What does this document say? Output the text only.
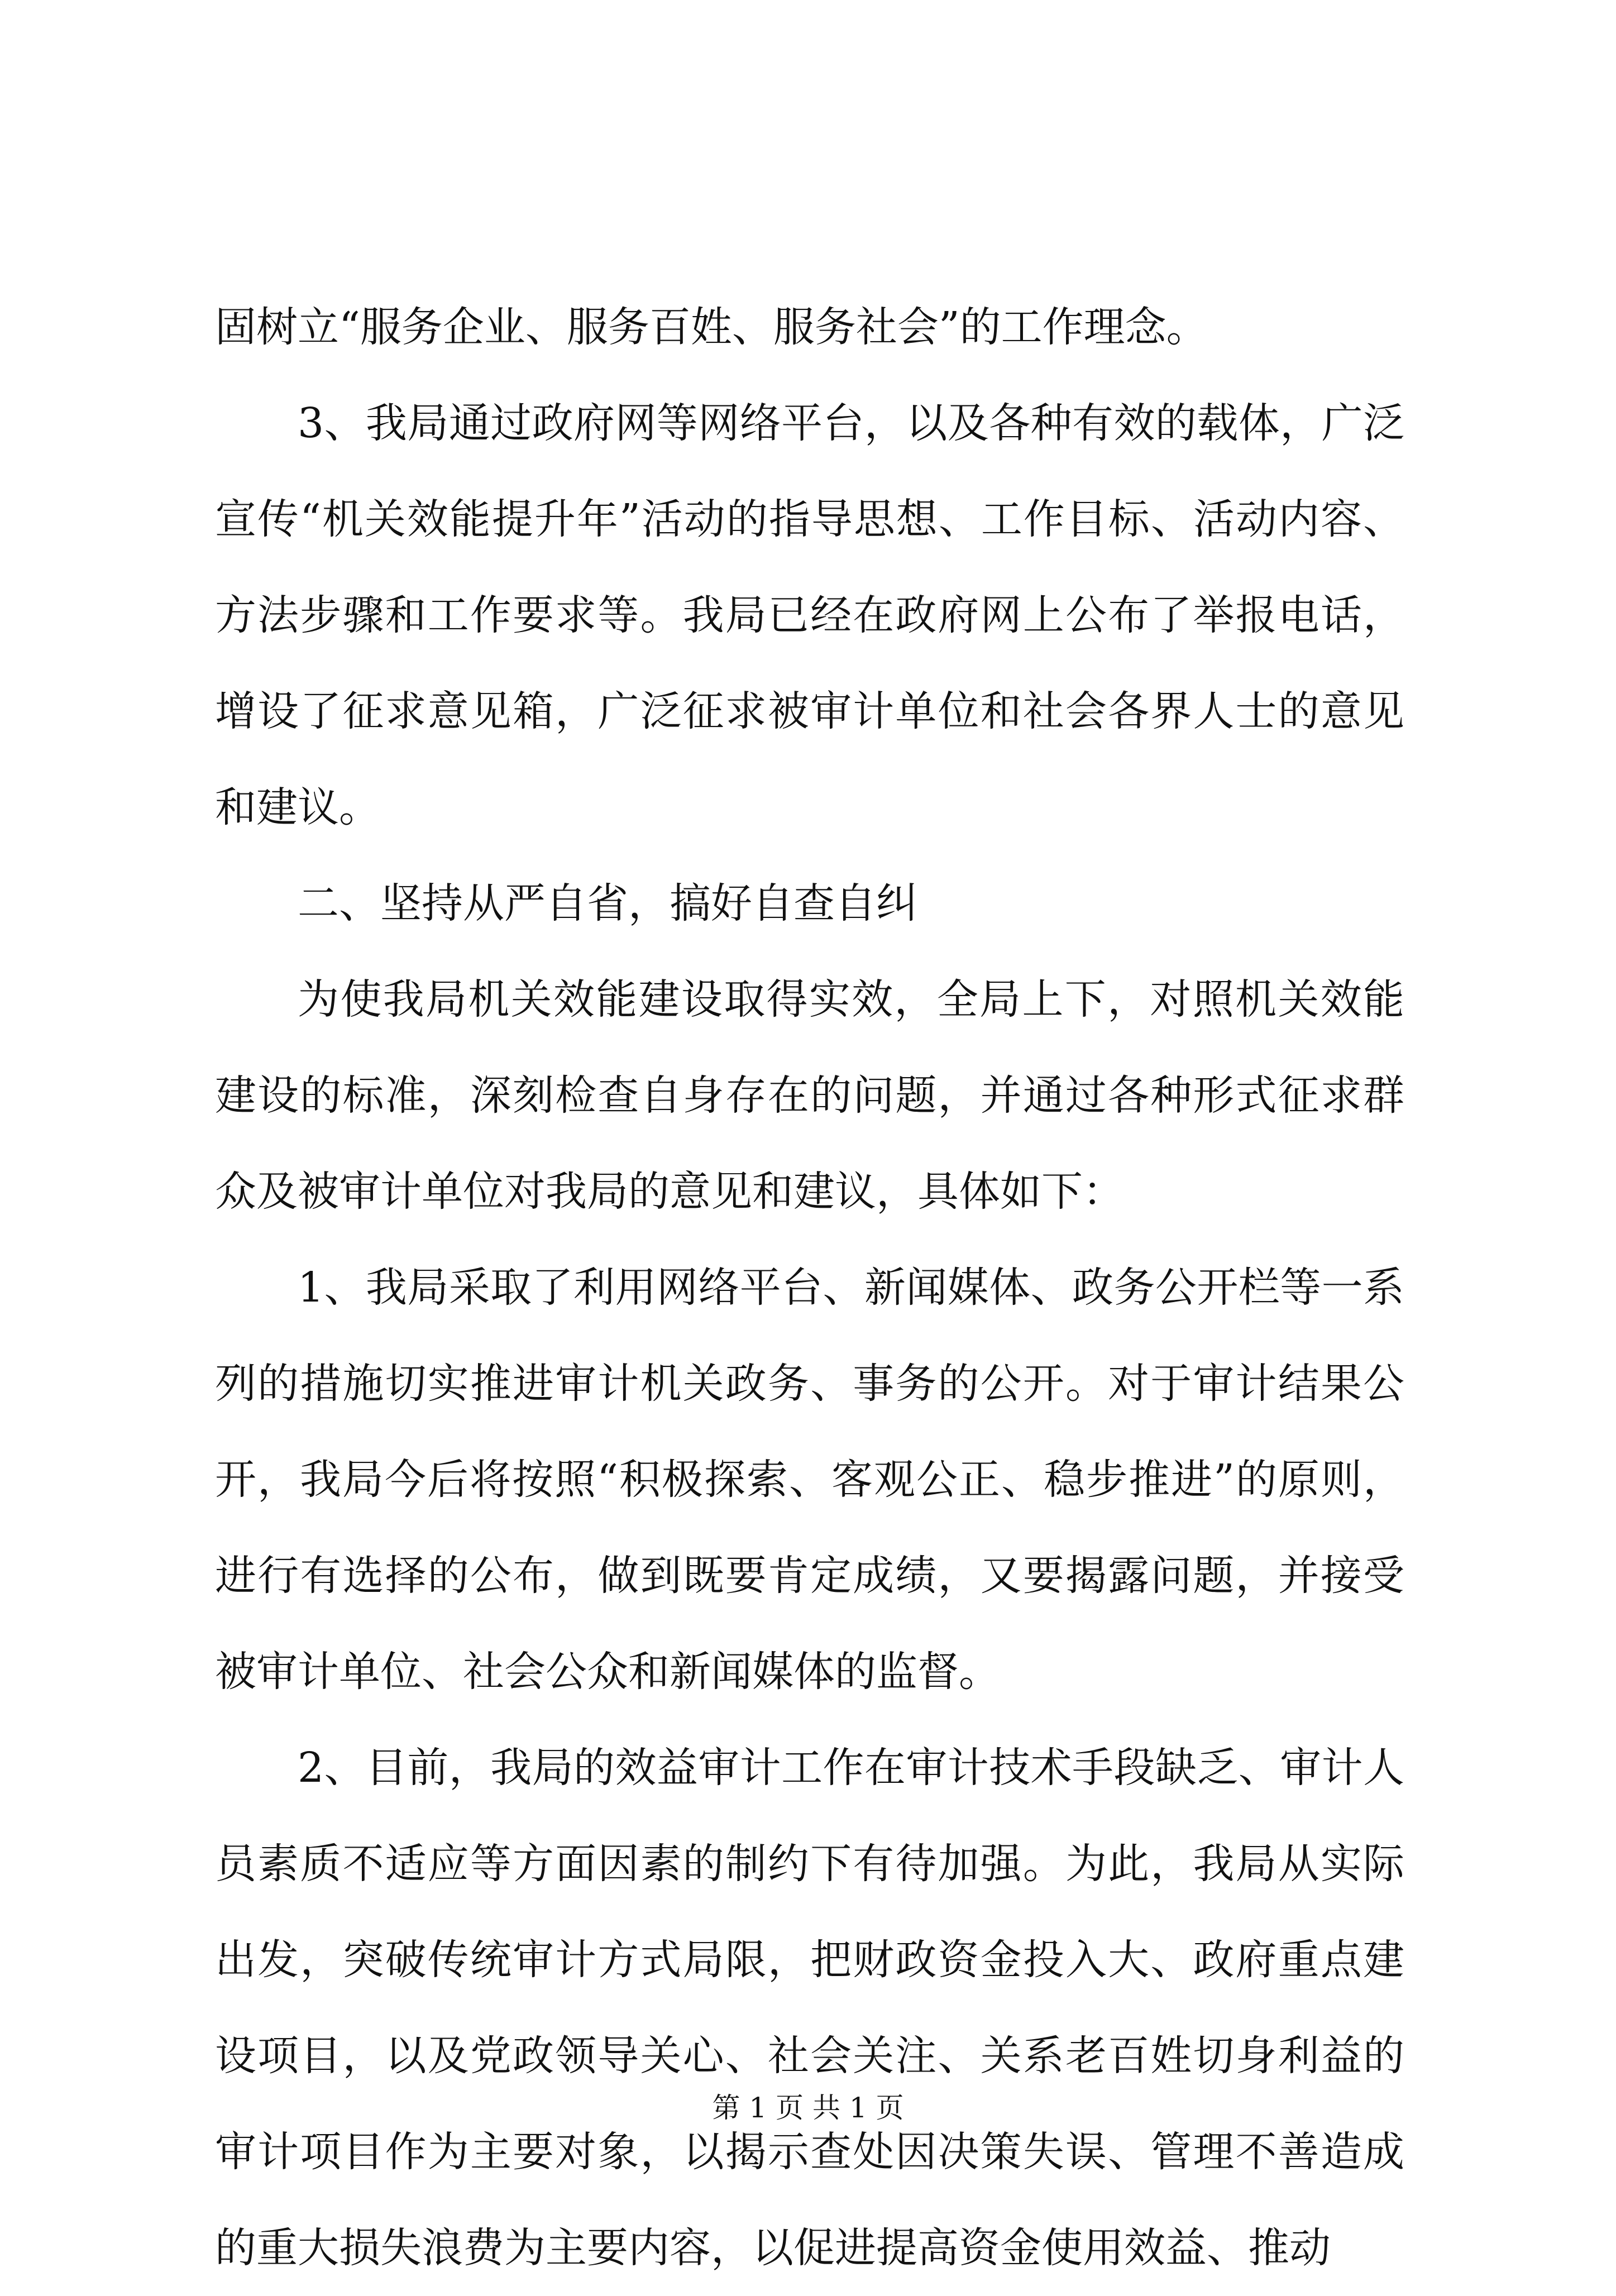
固树立“服务企业、服务百姓、服务社会”的工作理念。

3、我局通过政府网等网络平台，以及各种有效的载体，广泛宣传“机关效能提升年”活动的指导思想、工作目标、活动内容、方法步骤和工作要求等。我局已经在政府网上公布了举报电话，增设了征求意见箱，广泛征求被审计单位和社会各界人士的意见和建议。

二、坚持从严自省，搞好自查自纠

为使我局机关效能建设取得实效，全局上下，对照机关效能建设的标准，深刻检查自身存在的问题，并通过各种形式征求群众及被审计单位对我局的意见和建议，具体如下：

1、我局采取了利用网络平台、新闻媒体、政务公开栏等一系列的措施切实推进审计机关政务、事务的公开。对于审计结果公开，我局今后将按照“积极探索、客观公正、稳步推进”的原则，进行有选择的公布，做到既要肯定成绩，又要揭露问题，并接受被审计单位、社会公众和新闻媒体的监督。

2、目前，我局的效益审计工作在审计技术手段缺乏、审计人员素质不适应等方面因素的制约下有待加强。为此，我局从实际出发，突破传统审计方式局限，把财政资金投入大、政府重点建设项目，以及党政领导关心、社会关注、关系老百姓切身利益的审计项目作为主要对象，以揭示查处因决策失误、管理不善造成的重大损失浪费为主要内容，以促进提高资金使用效益、推动

第 1 页 共 1 页
